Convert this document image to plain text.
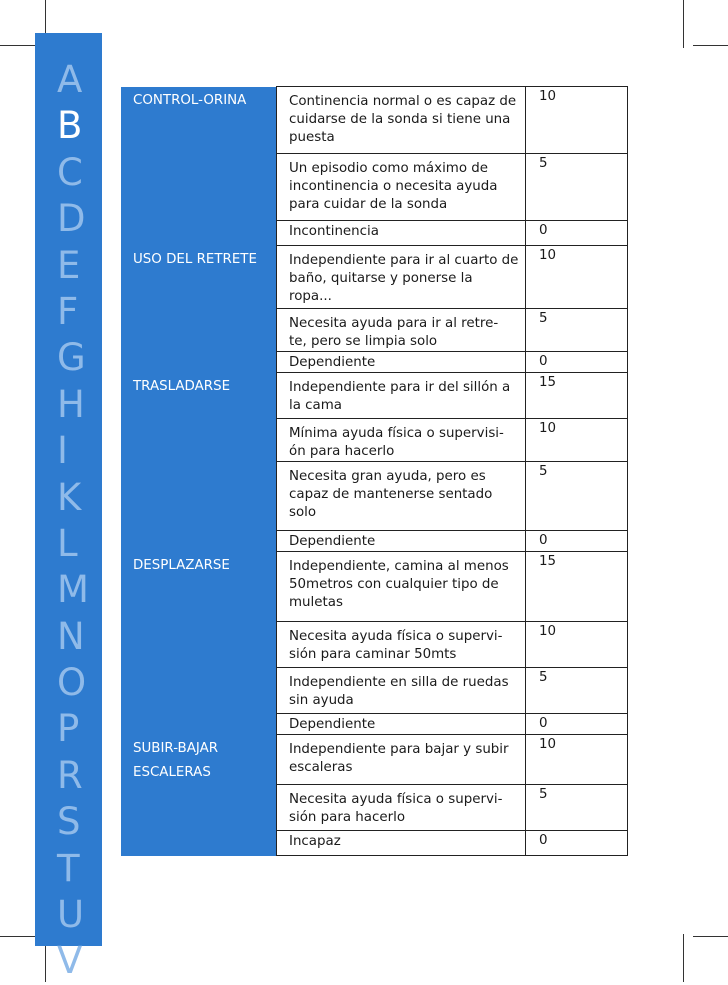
A
B
C
D
E
F
G
H
I
K
L
M
N
O
P
R
S
T
U
V
CONTROL-ORINA	Continencia normal o es capaz de cuidarse de la sonda si tiene una puesta	10
	Un episodio como máximo de incontinencia o necesita ayuda para cuidar de la sonda	5
	Incontinencia	0
USO DEL RETRETE	Independiente para ir al cuarto de baño, quitarse y ponerse la ropa...	10
	Necesita ayuda para ir al retre- te, pero se limpia solo	5
	Dependiente	0
TRASLADARSE	Independiente para ir del sillón a la cama	15
	Mínima ayuda física o supervisi- ón para hacerlo	10
	Necesita gran ayuda, pero es capaz de mantenerse sentado solo	5
	Dependiente	0
DESPLAZARSE	Independiente, camina al menos 50metros con cualquier tipo de muletas	15
	Necesita ayuda física o supervi- sión para caminar 50mts	10
	Independiente en silla de ruedas sin ayuda	5
	Dependiente	0
SUBIR-BAJAR ESCALERAS	Independiente para bajar y subir escaleras	10
	Necesita ayuda física o supervi- sión para hacerlo	5
	Incapaz	0
